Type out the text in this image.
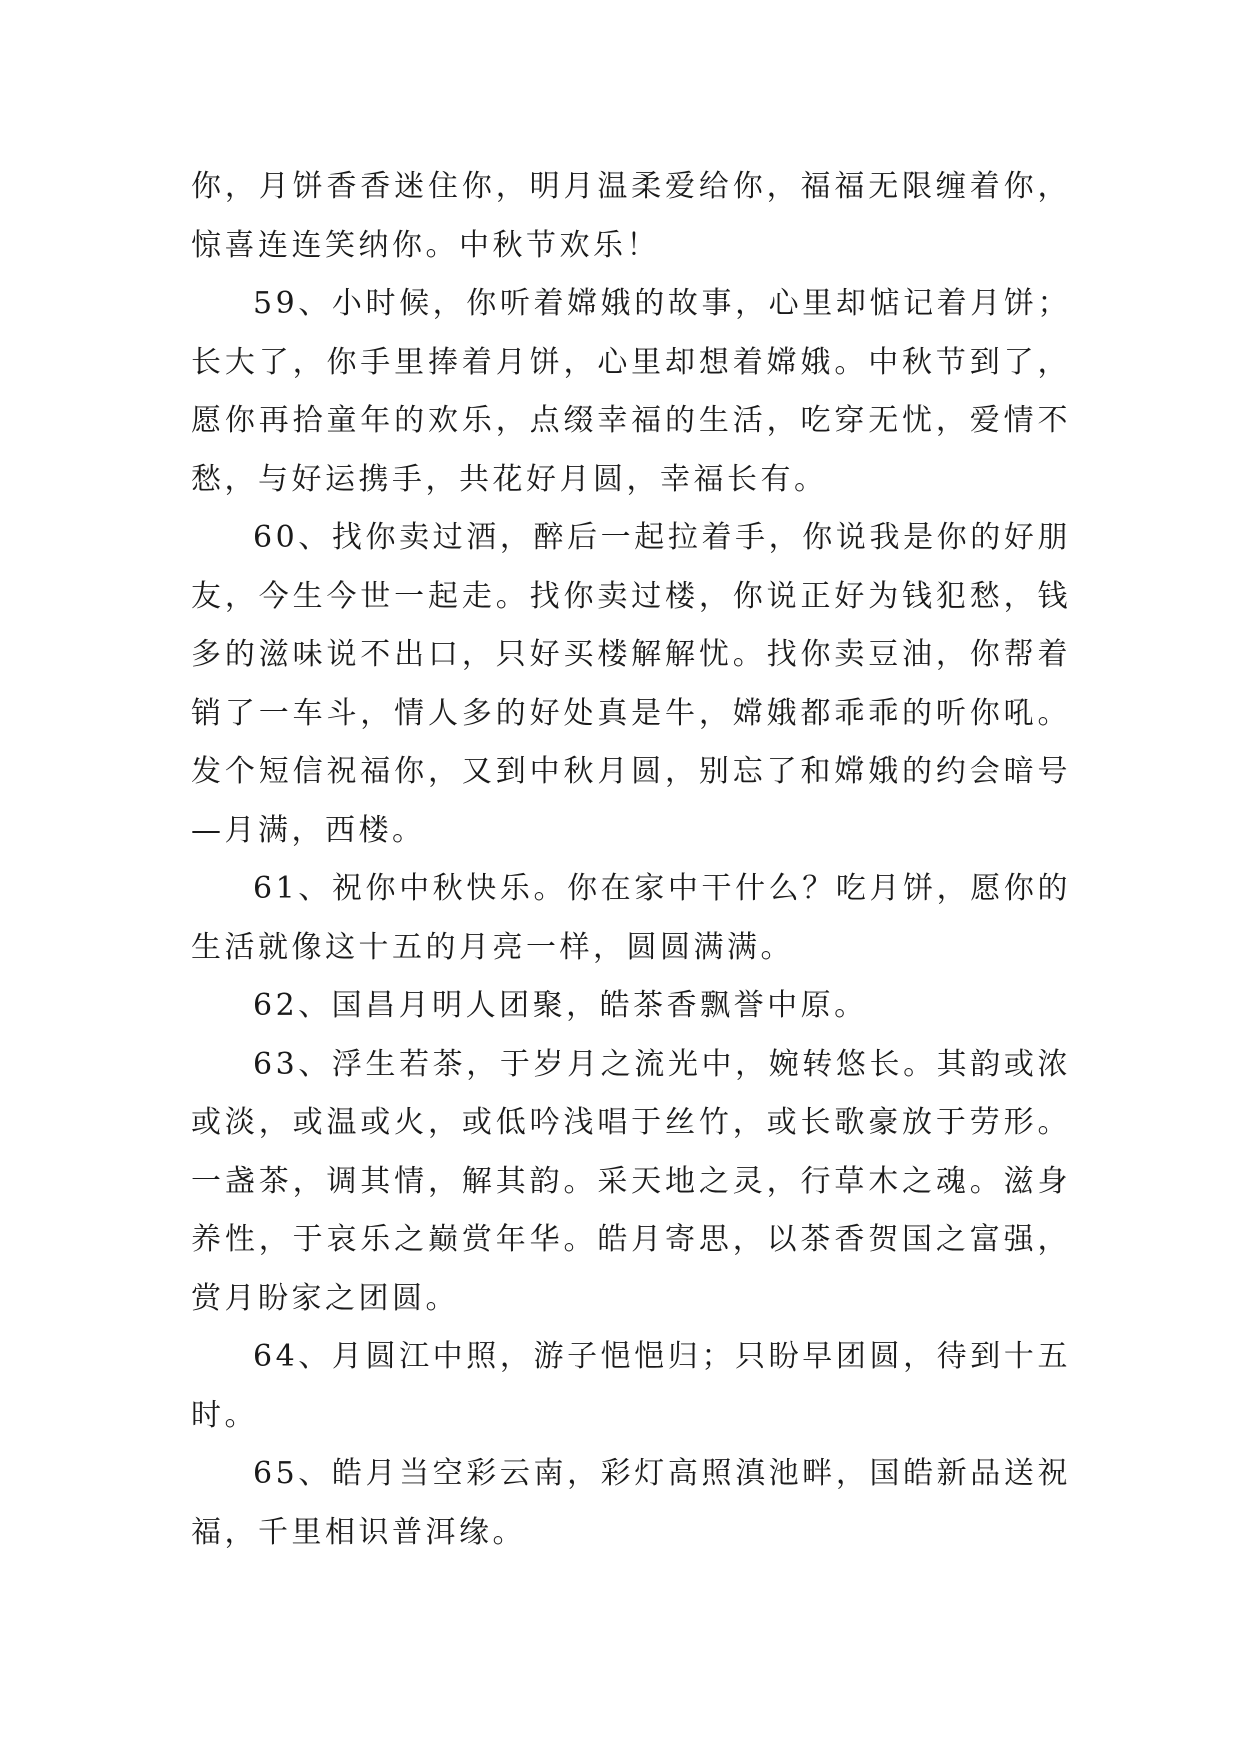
你，月饼香香迷住你，明月温柔爱给你，福福无限缠着你，惊喜连连笑纳你。中秋节欢乐！

59、小时候，你听着嫦娥的故事，心里却惦记着月饼；长大了，你手里捧着月饼，心里却想着嫦娥。中秋节到了，愿你再拾童年的欢乐，点缀幸福的生活，吃穿无忧，爱情不愁，与好运携手，共花好月圆，幸福长有。

60、找你卖过酒，醉后一起拉着手，你说我是你的好朋友，今生今世一起走。找你卖过楼，你说正好为钱犯愁，钱多的滋味说不出口，只好买楼解解忧。找你卖豆油，你帮着销了一车斗，情人多的好处真是牛，嫦娥都乖乖的听你吼。发个短信祝福你，又到中秋月圆，别忘了和嫦娥的约会暗号—月满，西楼。

61、祝你中秋快乐。你在家中干什么？吃月饼，愿你的生活就像这十五的月亮一样，圆圆满满。

62、国昌月明人团聚，皓茶香飘誉中原。

63、浮生若茶，于岁月之流光中，婉转悠长。其韵或浓或淡，或温或火，或低吟浅唱于丝竹，或长歌豪放于劳形。一盏茶，调其情，解其韵。采天地之灵，行草木之魂。滋身养性，于哀乐之巅赏年华。皓月寄思，以茶香贺国之富强，赏月盼家之团圆。

64、月圆江中照，游子悒悒归；只盼早团圆，待到十五时。

65、皓月当空彩云南，彩灯高照滇池畔，国皓新品送祝福，千里相识普洱缘。
